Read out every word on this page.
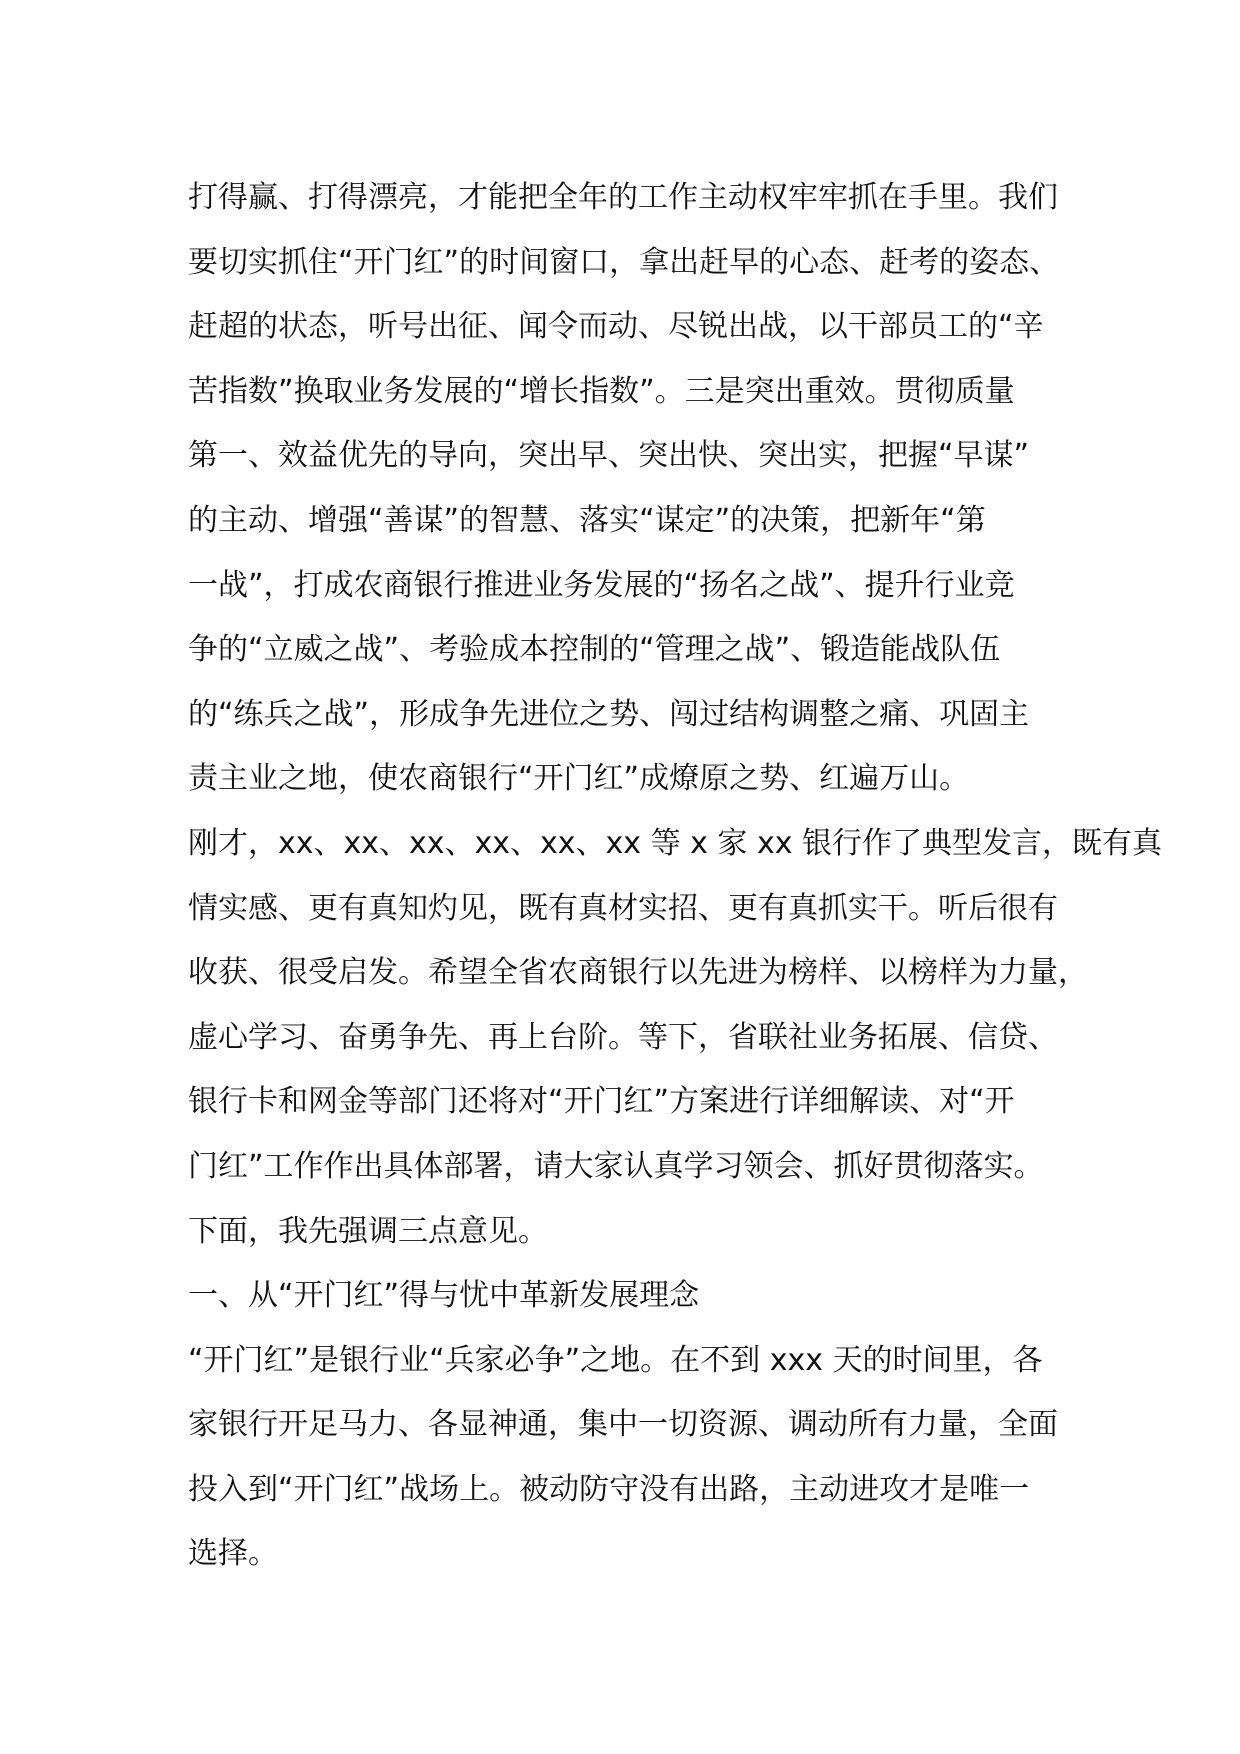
打得赢、打得漂亮，才能把全年的工作主动权牢牢抓在手里。我们
要切实抓住“开门红”的时间窗口，拿出赶早的心态、赶考的姿态、
赶超的状态，听号出征、闻令而动、尽锐出战，以干部员工的“辛
苦指数”换取业务发展的“增长指数”。三是突出重效。贯彻质量
第一、效益优先的导向，突出早、突出快、突出实，把握“早谋”
的主动、增强“善谋”的智慧、落实“谋定”的决策，把新年“第
一战”，打成农商银行推进业务发展的“扬名之战”、提升行业竞
争的“立威之战”、考验成本控制的“管理之战”、锻造能战队伍
的“练兵之战”，形成争先进位之势、闯过结构调整之痛、巩固主
责主业之地，使农商银行“开门红”成燎原之势、红遍万山。
刚才，xx、xx、xx、xx、xx、xx 等 x 家 xx 银行作了典型发言，既有真
情实感、更有真知灼见，既有真材实招、更有真抓实干。听后很有
收获、很受启发。希望全省农商银行以先进为榜样、以榜样为力量，
虚心学习、奋勇争先、再上台阶。等下，省联社业务拓展、信贷、
银行卡和网金等部门还将对“开门红”方案进行详细解读、对“开
门红”工作作出具体部署，请大家认真学习领会、抓好贯彻落实。
下面，我先强调三点意见。
一、从“开门红”得与忧中革新发展理念
“开门红”是银行业“兵家必争”之地。在不到 xxx 天的时间里，各
家银行开足马力、各显神通，集中一切资源、调动所有力量，全面
投入到“开门红”战场上。被动防守没有出路，主动进攻才是唯一
选择。
